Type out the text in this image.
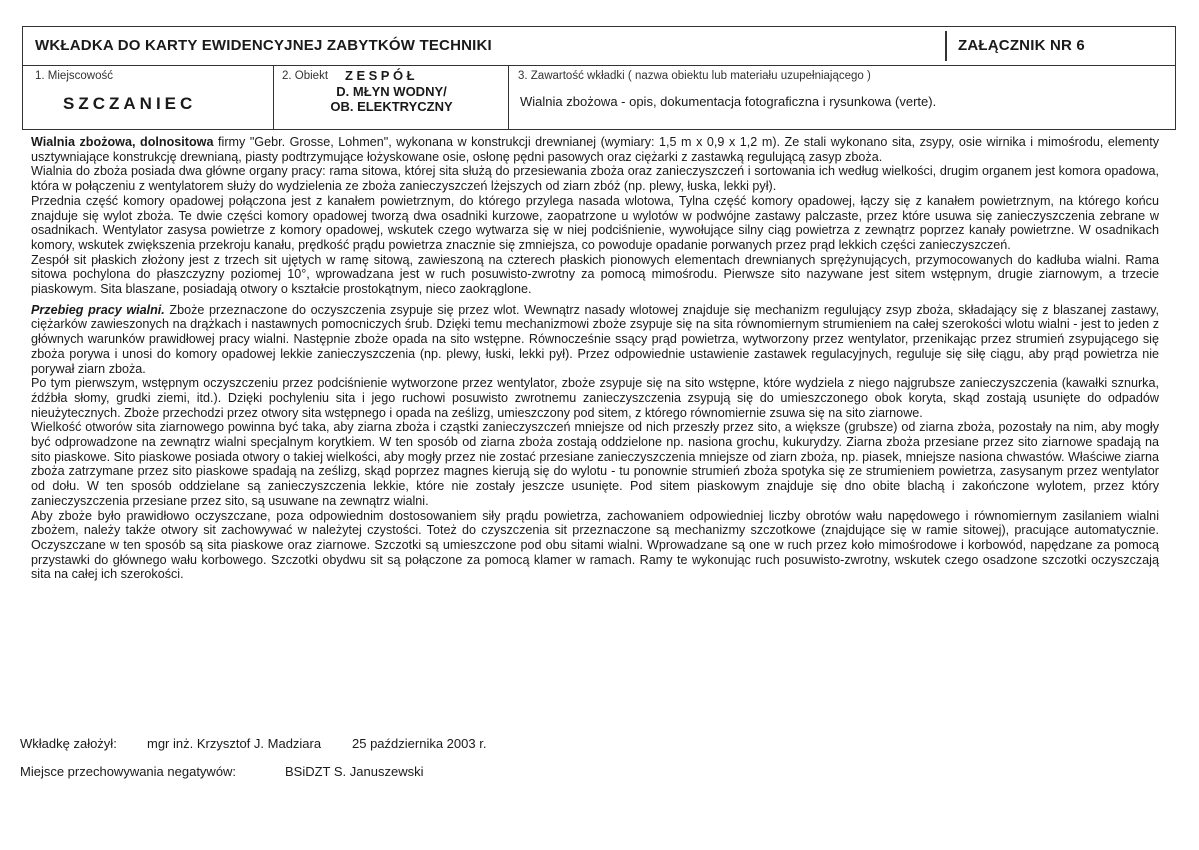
WKŁADKA DO KARTY EWIDENCYJNEJ ZABYTKÓW TECHNIKI	ZAŁĄCZNIK NR 6
1. Miejscowość
SZCZANIEC
2. Obiekt ZESPÓŁ
D. MŁYN WODNY/
OB. ELEKTRYCZNY
3. Zawartość wkładki ( nazwa obiektu lub materiału uzupełniającego )
Wialnia zbożowa - opis, dokumentacja fotograficzna i rysunkowa (verte).

Wialnia zbożowa, dolnositowa firmy "Gebr. Grosse, Lohmen", wykonana w konstrukcji drewnianej (wymiary: 1,5 m x 0,9 x 1,2 m). Ze stali wykonano sita, zsypy, osie wirnika i mimośrodu, elementy usztywniające konstrukcję drewnianą, piasty podtrzymujące łożyskowane osie, osłonę pędni pasowych oraz ciężarki z zastawką regulującą zasyp zboża.

Wialnia do zboża posiada dwa główne organy pracy: rama sitowa, której sita służą do przesiewania zboża oraz zanieczyszczeń i sortowania ich według wielkości, drugim organem jest komora opadowa, która w połączeniu z wentylatorem służy do wydzielenia ze zboża zanieczyszczeń lżejszych od ziarn zbóż (np. plewy, łuska, lekki pył).

Przednia część komory opadowej połączona jest z kanałem powietrznym, do którego przylega nasada wlotowa, Tylna część komory opadowej, łączy się z kanałem powietrznym, na którego końcu znajduje się wylot zboża. Te dwie części komory opadowej tworzą dwa osadniki kurzowe, zaopatrzone u wylotów w podwójne zastawy palczaste, przez które usuwa się zanieczyszczenia zebrane w osadnikach. Wentylator zasysa powietrze z komory opadowej, wskutek czego wytwarza się w niej podciśnienie, wywołujące silny ciąg powietrza z zewnątrz poprzez kanały powietrzne. W osadnikach komory, wskutek zwiększenia przekroju kanału, prędkość prądu powietrza znacznie się zmniejsza, co powoduje opadanie porwanych przez prąd lekkich części zanieczyszczeń.

Zespół sit płaskich złożony jest z trzech sit ujętych w ramę sitową, zawieszoną na czterech płaskich pionowych elementach drewnianych sprężynujących, przymocowanych do kadłuba wialni. Rama sitowa pochylona do płaszczyzny poziomej 10°, wprowadzana jest w ruch posuwisto-zwrotny za pomocą mimośrodu. Pierwsze sito nazywane jest sitem wstępnym, drugie ziarnowym, a trzecie piaskowym. Sita blaszane, posiadają otwory o kształcie prostokątnym, nieco zaokrąglone.

Przebieg pracy wialni. Zboże przeznaczone do oczyszczenia zsypuje się przez wlot. Wewnątrz nasady wlotowej znajduje się mechanizm regulujący zsyp zboża, składający się z blaszanej zastawy, ciężarków zawieszonych na drążkach i nastawnych pomocniczych śrub. Dzięki temu mechanizmowi zboże zsypuje się na sita równomiernym strumieniem na całej szerokości wlotu wialni - jest to jeden z głównych warunków prawidłowej pracy wialni. Następnie zboże opada na sito wstępne. Równocześnie ssący prąd powietrza, wytworzony przez wentylator, przenikając przez strumień zsypującego się zboża porywa i unosi do komory opadowej lekkie zanieczyszczenia (np. plewy, łuski, lekki pył). Przez odpowiednie ustawienie zastawek regulacyjnych, reguluje się siłę ciągu, aby prąd powietrza nie porywał ziarn zboża.

Po tym pierwszym, wstępnym oczyszczeniu przez podciśnienie wytworzone przez wentylator, zboże zsypuje się na sito wstępne, które wydziela z niego najgrubsze zanieczyszczenia (kawałki sznurka, źdźbła słomy, grudki ziemi, itd.). Dzięki pochyleniu sita i jego ruchowi posuwisto zwrotnemu zanieczyszczenia zsypują się do umieszczonego obok koryta, skąd zostają usunięte do odpadów nieużytecznych. Zboże przechodzi przez otwory sita wstępnego i opada na ześlizg, umieszczony pod sitem, z którego równomiernie zsuwa się na sito ziarnowe.

Wielkość otworów sita ziarnowego powinna być taka, aby ziarna zboża i cząstki zanieczyszczeń mniejsze od nich przeszły przez sito, a większe (grubsze) od ziarna zboża, pozostały na nim, aby mogły być odprowadzone na zewnątrz wialni specjalnym korytkiem. W ten sposób od ziarna zboża zostają oddzielone np. nasiona grochu, kukurydzy. Ziarna zboża przesiane przez sito ziarnowe spadają na sito piaskowe. Sito piaskowe posiada otwory o takiej wielkości, aby mogły przez nie zostać przesiane zanieczyszczenia mniejsze od ziarn zboża, np. piasek, mniejsze nasiona chwastów. Właściwe ziarna zboża zatrzymane przez sito piaskowe spadają na ześlizg, skąd poprzez magnes kierują się do wylotu - tu ponownie strumień zboża spotyka się ze strumieniem powietrza, zasysanym przez wentylator od dołu. W ten sposób oddzielane są zanieczyszczenia lekkie, które nie zostały jeszcze usunięte. Pod sitem piaskowym znajduje się dno obite blachą i zakończone wylotem, przez który zanieczyszczenia przesiane przez sito, są usuwane na zewnątrz wialni.

Aby zboże było prawidłowo oczyszczane, poza odpowiednim dostosowaniem siły prądu powietrza, zachowaniem odpowiedniej liczby obrotów wału napędowego i równomiernym zasilaniem wialni zbożem, należy także otwory sit zachowywać w należytej czystości. Toteż do czyszczenia sit przeznaczone są mechanizmy szczotkowe (znajdujące się w ramie sitowej), pracujące automatycznie. Oczyszczane w ten sposób są sita piaskowe oraz ziarnowe. Szczotki są umieszczone pod obu sitami wialni. Wprowadzane są one w ruch przez koło mimośrodowe i korbowód, napędzane za pomocą przystawki do głównego wału korbowego. Szczotki obydwu sit są połączone za pomocą klamer w ramach. Ramy te wykonując ruch posuwisto-zwrotny, wskutek czego osadzone szczotki oczyszczają sita na całej ich szerokości.

Wkładkę założył: mgr inż. Krzysztof J. Madziara 25 października 2003 r.
Miejsce przechowywania negatywów:	BSiDZT S. Januszewski
